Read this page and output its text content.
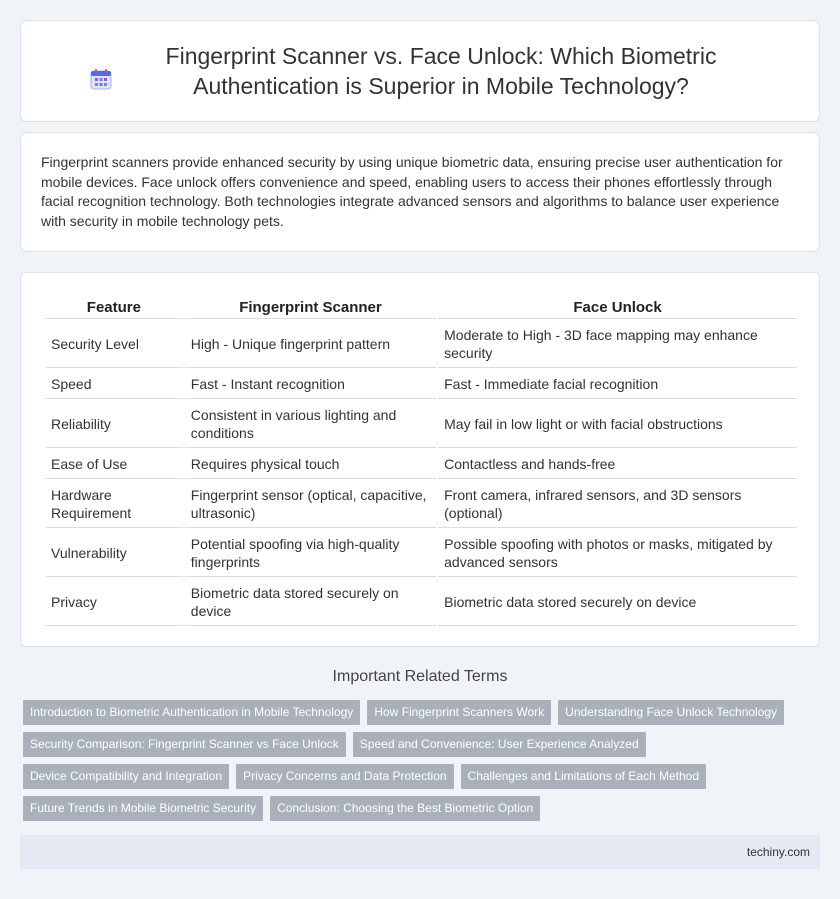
Fingerprint Scanner vs. Face Unlock: Which Biometric Authentication is Superior in Mobile Technology?

Fingerprint scanners provide enhanced security by using unique biometric data, ensuring precise user authentication for mobile devices. Face unlock offers convenience and speed, enabling users to access their phones effortlessly through facial recognition technology. Both technologies integrate advanced sensors and algorithms to balance user experience with security in mobile technology pets.

Feature	Fingerprint Scanner	Face Unlock
Security Level	High - Unique fingerprint pattern	Moderate to High - 3D face mapping may enhance security
Speed	Fast - Instant recognition	Fast - Immediate facial recognition
Reliability	Consistent in various lighting and conditions	May fail in low light or with facial obstructions
Ease of Use	Requires physical touch	Contactless and hands-free
Hardware Requirement	Fingerprint sensor (optical, capacitive, ultrasonic)	Front camera, infrared sensors, and 3D sensors (optional)
Vulnerability	Potential spoofing via high-quality fingerprints	Possible spoofing with photos or masks, mitigated by advanced sensors
Privacy	Biometric data stored securely on device	Biometric data stored securely on device
Important Related Terms
Introduction to Biometric Authentication in Mobile Technology	How Fingerprint Scanners Work	Understanding Face Unlock Technology
Security Comparison: Fingerprint Scanner vs Face Unlock	Speed and Convenience: User Experience Analyzed
Device Compatibility and Integration	Privacy Concerns and Data Protection	Challenges and Limitations of Each Method
Future Trends in Mobile Biometric Security	Conclusion: Choosing the Best Biometric Option
techiny.com
